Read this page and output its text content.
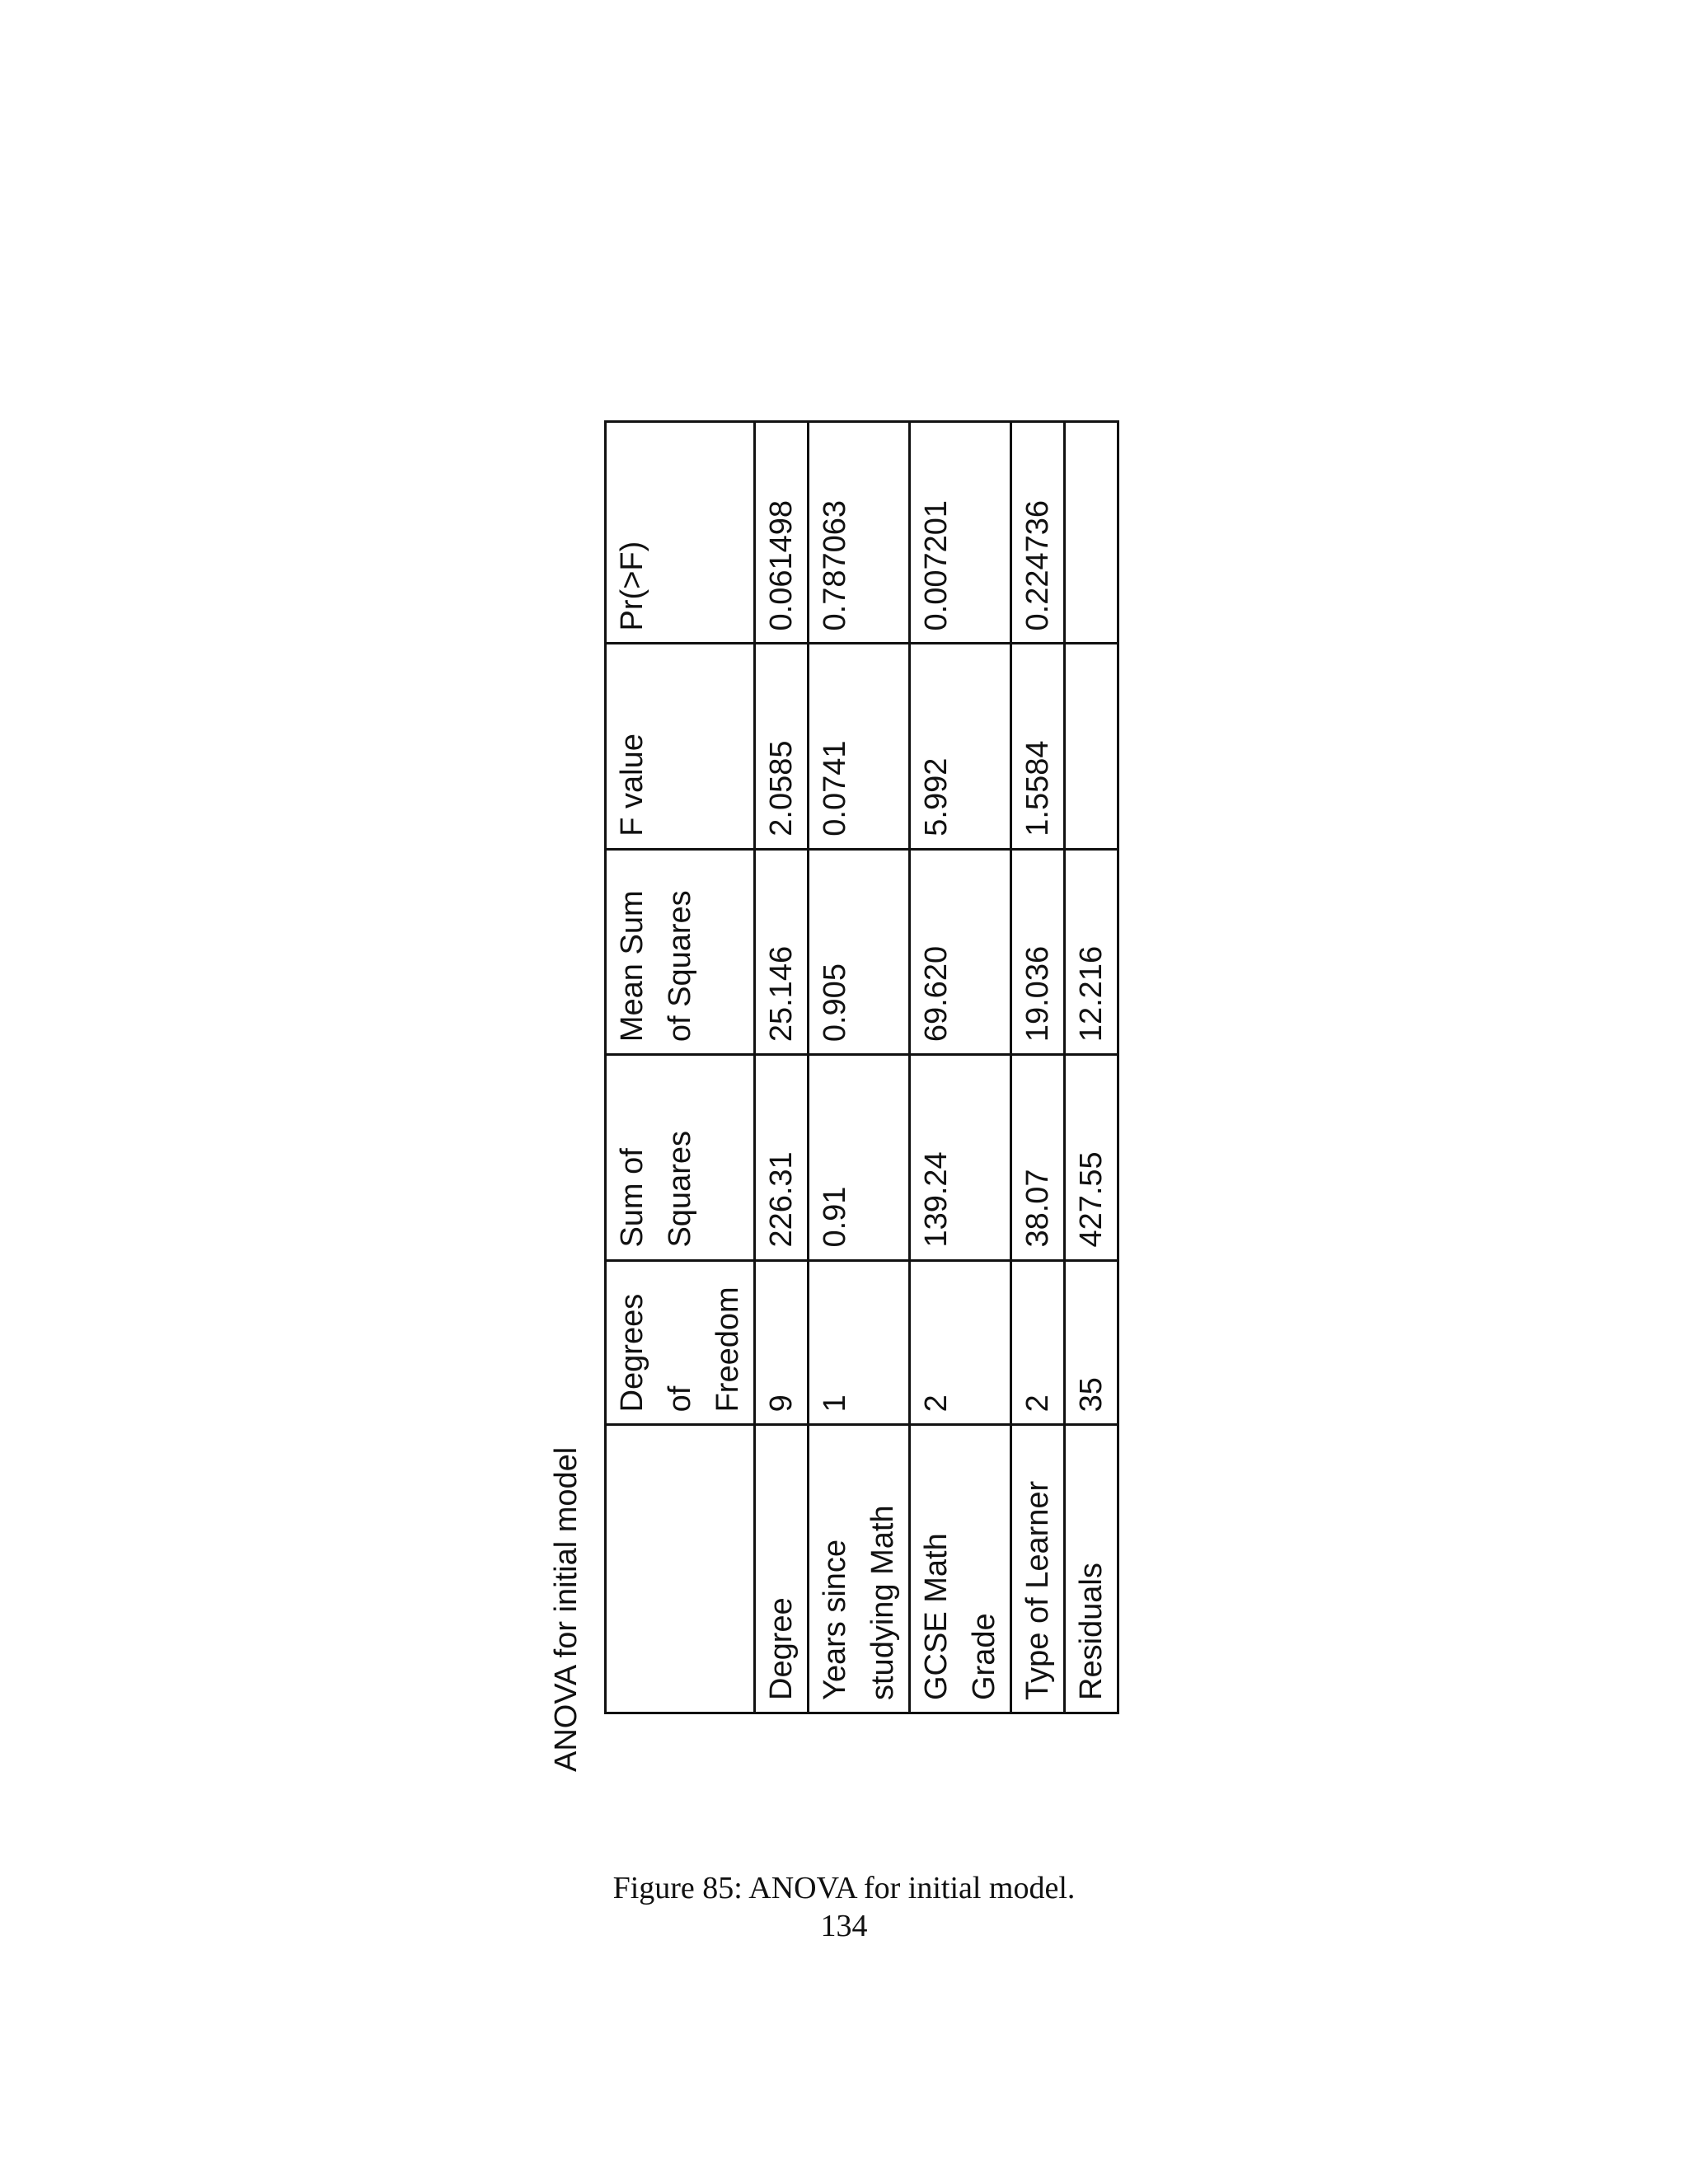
ANOVA for initial model
	Degrees of Freedom	Sum of Squares	Mean Sum of Squares	F value	Pr(>F)
Degree	9	226.31	25.146	2.0585	0.061498
Years since studying Math	1	0.91	0.905	0.0741	0.787063
GCSE Math Grade	2	139.24	69.620	5.992	0.007201
Type of Learner	2	38.07	19.036	1.5584	0.224736
Residuals	35	427.55	12.216		
Figure 85: ANOVA for initial model.
134
